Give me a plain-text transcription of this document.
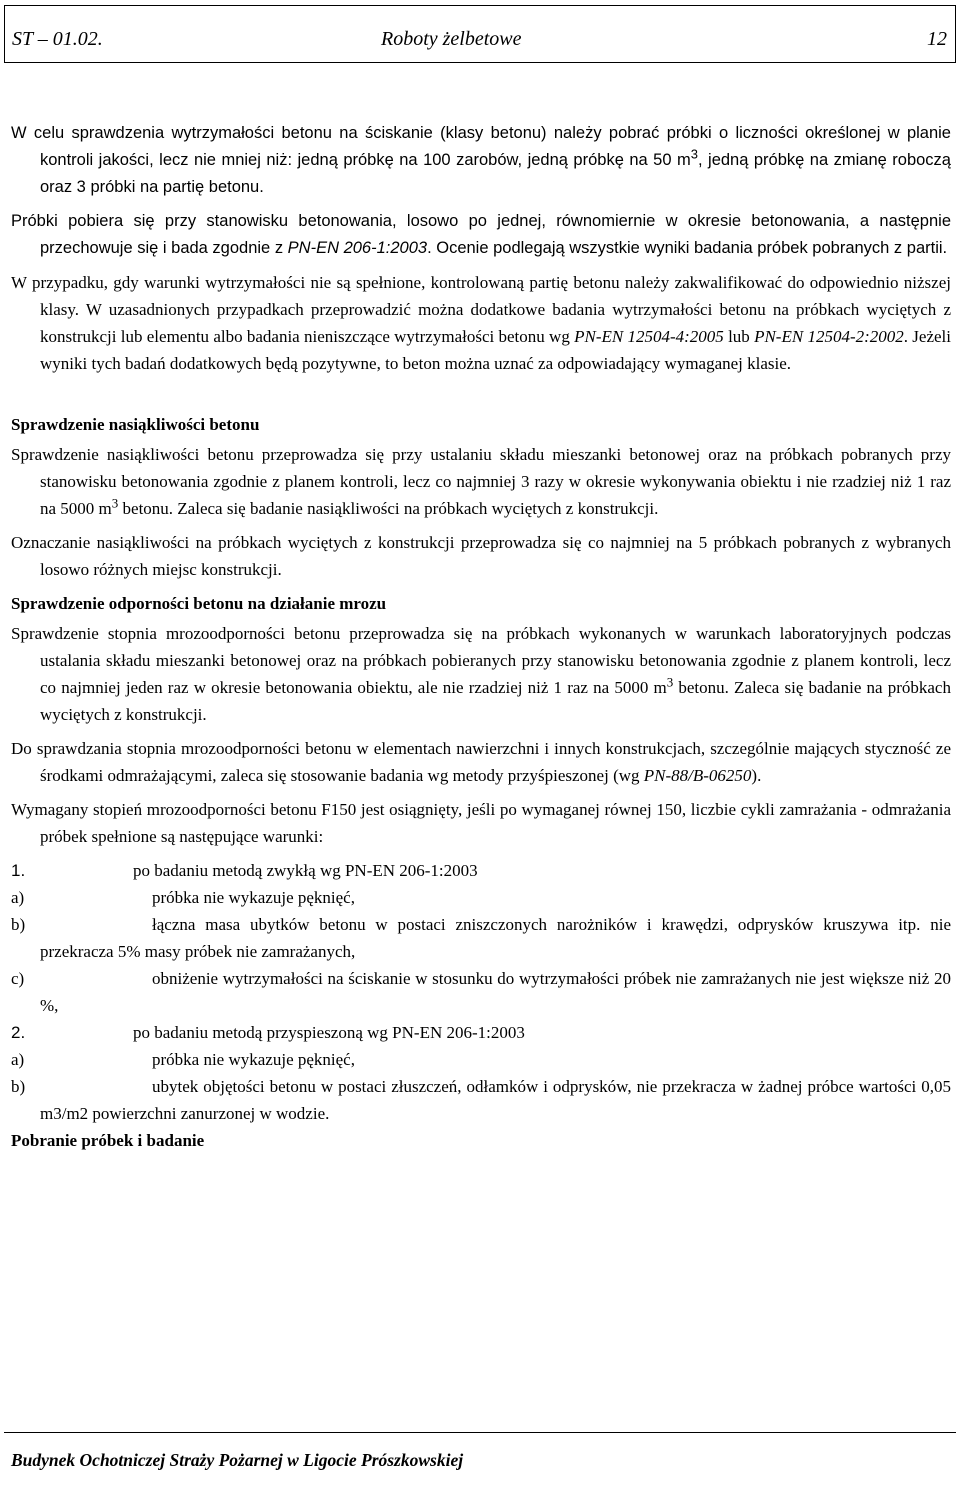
ST – 01.02.	Roboty żelbetowe	12

W celu sprawdzenia wytrzymałości betonu na ściskanie (klasy betonu) należy pobrać próbki o liczności określonej w planie kontroli jakości, lecz nie mniej niż: jedną próbkę na 100 zarobów, jedną próbkę na 50 $m^3$, jedną próbkę na zmianę roboczą oraz 3 próbki na partię betonu.

Próbki pobiera się przy stanowisku betonowania, losowo po jednej, równomiernie w okresie betonowania, a następnie przechowuje się i bada zgodnie z PN-EN 206-1:2003. Ocenie podlegają wszystkie wyniki badania próbek pobranych z partii.

W przypadku, gdy warunki wytrzymałości nie są spełnione, kontrolowaną partię betonu należy zakwalifikować do odpowiednio niższej klasy. W uzasadnionych przypadkach przeprowadzić można dodatkowe badania wytrzymałości betonu na próbkach wyciętych z konstrukcji lub elementu albo badania nieniszczące wytrzymałości betonu wg PN-EN 12504-4:2005 lub PN-EN 12504-2:2002. Jeżeli wyniki tych badań dodatkowych będą pozytywne, to beton można uznać za odpowiadający wymaganej klasie.

Sprawdzenie nasiąkliwości betonu

Sprawdzenie nasiąkliwości betonu przeprowadza się przy ustalaniu składu mieszanki betonowej oraz na próbkach pobranych przy stanowisku betonowania zgodnie z planem kontroli, lecz co najmniej 3 razy w okresie wykonywania obiektu i nie rzadziej niż 1 raz na 5000 $m^3$ betonu. Zaleca się badanie nasiąkliwości na próbkach wyciętych z konstrukcji.

Oznaczanie nasiąkliwości na próbkach wyciętych z konstrukcji przeprowadza się co najmniej na 5 próbkach pobranych z wybranych losowo różnych miejsc konstrukcji.

Sprawdzenie odporności betonu na działanie mrozu

Sprawdzenie stopnia mrozoodporności betonu przeprowadza się na próbkach wykonanych w warunkach laboratoryjnych podczas ustalania składu mieszanki betonowej oraz na próbkach pobieranych przy stanowisku betonowania zgodnie z planem kontroli, lecz co najmniej jeden raz w okresie betonowania obiektu, ale nie rzadziej niż 1 raz na 5000 $m^3$ betonu. Zaleca się badanie na próbkach wyciętych z konstrukcji.

Do sprawdzania stopnia mrozoodporności betonu w elementach nawierzchni i innych konstrukcjach, szczególnie mających styczność ze środkami odmrażającymi, zaleca się stosowanie badania wg metody przyśpieszonej (wg PN-88/B-06250).

Wymagany stopień mrozoodporności betonu F150 jest osiągnięty, jeśli po wymaganej równej 150, liczbie cykli zamrażania - odmrażania próbek spełnione są następujące warunki:

1.	po badaniu metodą zwykłą wg PN-EN 206-1:2003
a)	próbka nie wykazuje pęknięć,
b)	łączna masa ubytków betonu w postaci zniszczonych narożników i krawędzi, odprysków kruszywa itp. nie przekracza 5% masy próbek nie zamrażanych,
c)	obniżenie wytrzymałości na ściskanie w stosunku do wytrzymałości próbek nie zamrażanych nie jest większe niż 20 %,
2.	po badaniu metodą przyspieszoną wg PN-EN 206-1:2003
a)	próbka nie wykazuje pęknięć,
b)	ubytek objętości betonu w postaci złuszczeń, odłamków i odprysków, nie przekracza w żadnej próbce wartości 0,05 m3/m2 powierzchni zanurzonej w wodzie.
Pobranie próbek i badanie
Budynek Ochotniczej Straży Pożarnej w Ligocie Prószkowskiej
